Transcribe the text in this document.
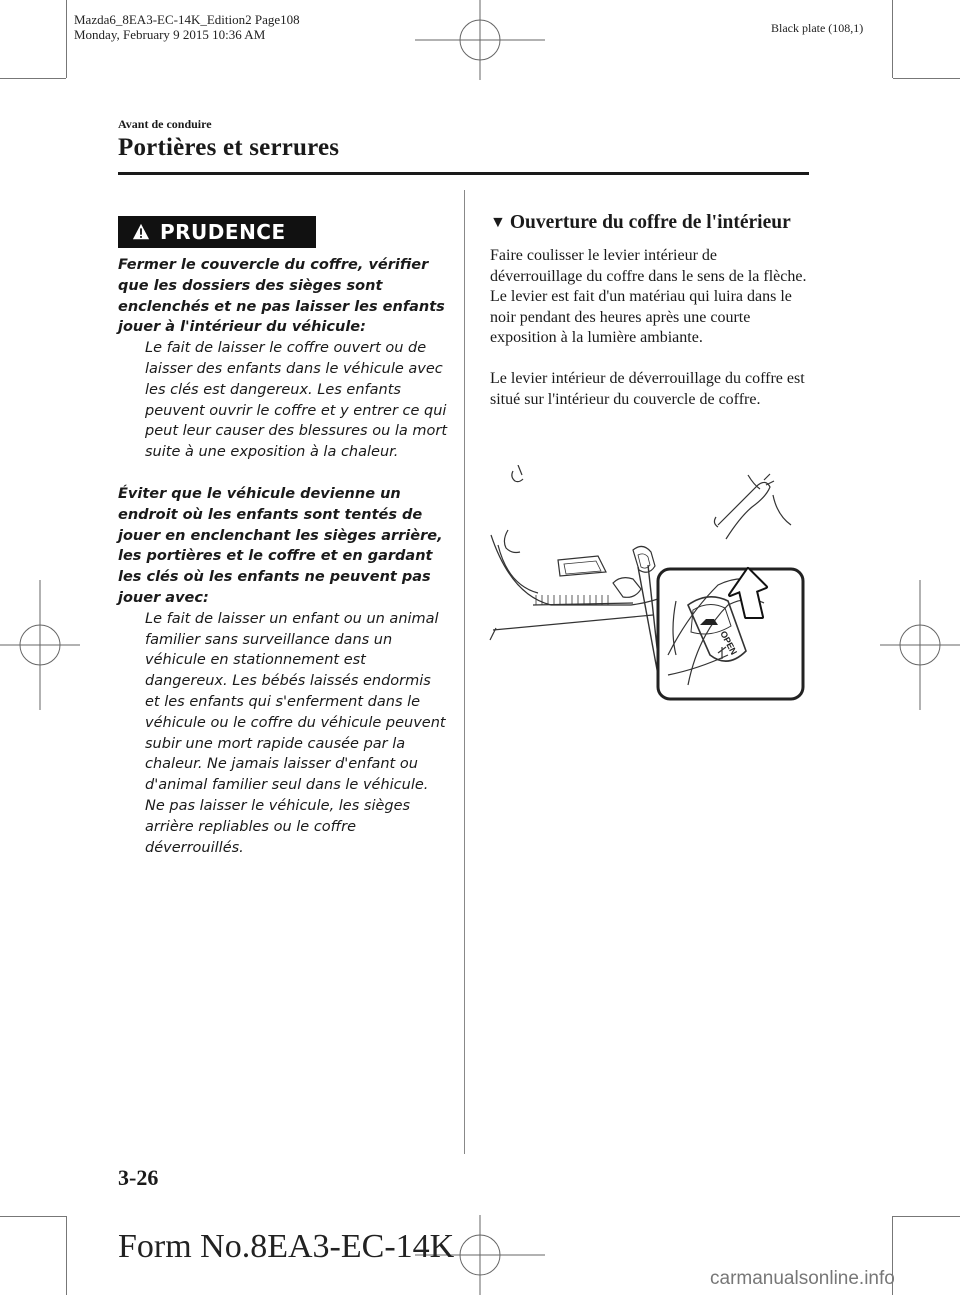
Mazda6_8EA3-EC-14K_Edition2 Page108
Monday, February 9 2015 10:36 AM	Black plate (108,1)
Avant de conduire
Portières et serrures
PRUDENCE

Fermer le couvercle du coffre, vérifier que les dossiers des sièges sont enclenchés et ne pas laisser les enfants jouer à l'intérieur du véhicule:

Le fait de laisser le coffre ouvert ou de laisser des enfants dans le véhicule avec les clés est dangereux. Les enfants peuvent ouvrir le coffre et y entrer ce qui peut leur causer des blessures ou la mort suite à une exposition à la chaleur.

Éviter que le véhicule devienne un endroit où les enfants sont tentés de jouer en enclenchant les sièges arrière, les portières et le coffre et en gardant les clés où les enfants ne peuvent pas jouer avec:

Le fait de laisser un enfant ou un animal familier sans surveillance dans un véhicule en stationnement est dangereux. Les bébés laissés endormis et les enfants qui s'enferment dans le véhicule ou le coffre du véhicule peuvent subir une mort rapide causée par la chaleur. Ne jamais laisser d'enfant ou d'animal familier seul dans le véhicule. Ne pas laisser le véhicule, les sièges arrière repliables ou le coffre déverrouillés.

▼ Ouverture du coffre de l'intérieur

Faire coulisser le levier intérieur de déverrouillage du coffre dans le sens de la flèche. Le levier est fait d'un matériau qui luira dans le noir pendant des heures après une courte exposition à la lumière ambiante.

Le levier intérieur de déverrouillage du coffre est situé sur l'intérieur du couvercle de coffre.

OPEN
3-26
Form No.8EA3-EC-14K
carmanualsonline.info
